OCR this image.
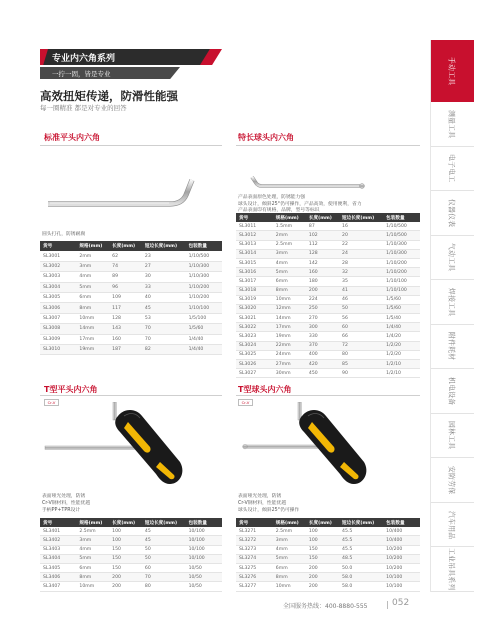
专业内六角系列
一拧一固，皆是专业
高效扭矩传递，防滑性能强
每一圈精准 都是对专业的回答
标准平头内六角
圆头打孔，防锈耐腐
货号	规格(mm)	长度(mm)	短边长度(mm)	包装数量
SL3001	2mm	62	23	1/10/500
SL3002	3mm	74	27	1/10/300
SL3003	4mm	89	30	1/10/300
SL3004	5mm	96	33	1/10/200
SL3005	6mm	109	40	1/10/200
SL3006	8mm	117	45	1/10/100
SL3007	10mm	128	53	1/5/100
SL3008	14mm	143	70	1/5/60
SL3009	17mm	160	70	1/4/40
SL3010	19mm	187	82	1/4/40
特长球头内六角
产品表面原色处理，防锈能力强
球头设计，倾斜25°仍可操作，产品高效，使用便利，省力
产品表面印有规格，品牌，型号等标识
货号	规格(mm)	长度(mm)	短边长度(mm)	包装数量
SL3011	1.5mm	87	16	1/10/500
SL3012	2mm	102	20	1/10/500
SL3013	2.5mm	112	22	1/10/300
SL3014	3mm	128	24	1/10/300
SL3015	4mm	142	28	1/10/200
SL3016	5mm	160	32	1/10/200
SL3017	6mm	180	35	1/10/100
SL3018	8mm	200	41	1/10/100
SL3019	10mm	224	46	1/5/60
SL3020	12mm	250	50	1/5/60
SL3021	14mm	270	56	1/5/40
SL3022	17mm	300	60	1/4/40
SL3023	19mm	330	66	1/4/20
SL3024	22mm	370	72	1/2/20
SL3025	24mm	400	80	1/2/20
SL3026	27mm	420	85	1/2/10
SL3027	30mm	450	90	1/2/10
T型平头内六角
Cr-V
表面哑光处理，防锈
Cr-V钢材料，性能优越
手柄PP+TPR设计
货号	规格(mm)	长度(mm)	短边长度(mm)	包装数量
SL3401	2.5mm	100	45	10/100
SL3402	3mm	100	45	10/100
SL3403	4mm	150	50	10/100
SL3404	5mm	150	50	10/100
SL3405	6mm	150	60	10/50
SL3406	8mm	200	70	10/50
SL3407	10mm	200	80	10/50
T型球头内六角
Cr-V
表面哑光处理，防锈
Cr-V钢材料，性能优越
球头设计，倾斜25°仍可操作
货号	规格(mm)	长度(mm)	短边长度(mm)	包装数量
SL3271	2.5mm	100	45.5	10/400
SL3272	3mm	100	45.5	10/400
SL3273	4mm	150	45.5	10/200
SL3274	5mm	150	48.5	10/200
SL3275	6mm	200	50.0	10/200
SL3276	8mm	200	58.0	10/100
SL3277	10mm	200	58.0	10/100
手动工具
测量工具
电子电工
仪器仪表
气动工具
焊接工具
附件耗材
机电设备
园林工具
安防劳保
汽车用品
工业吊具系列
全国服务热线：400-8880-555	052
